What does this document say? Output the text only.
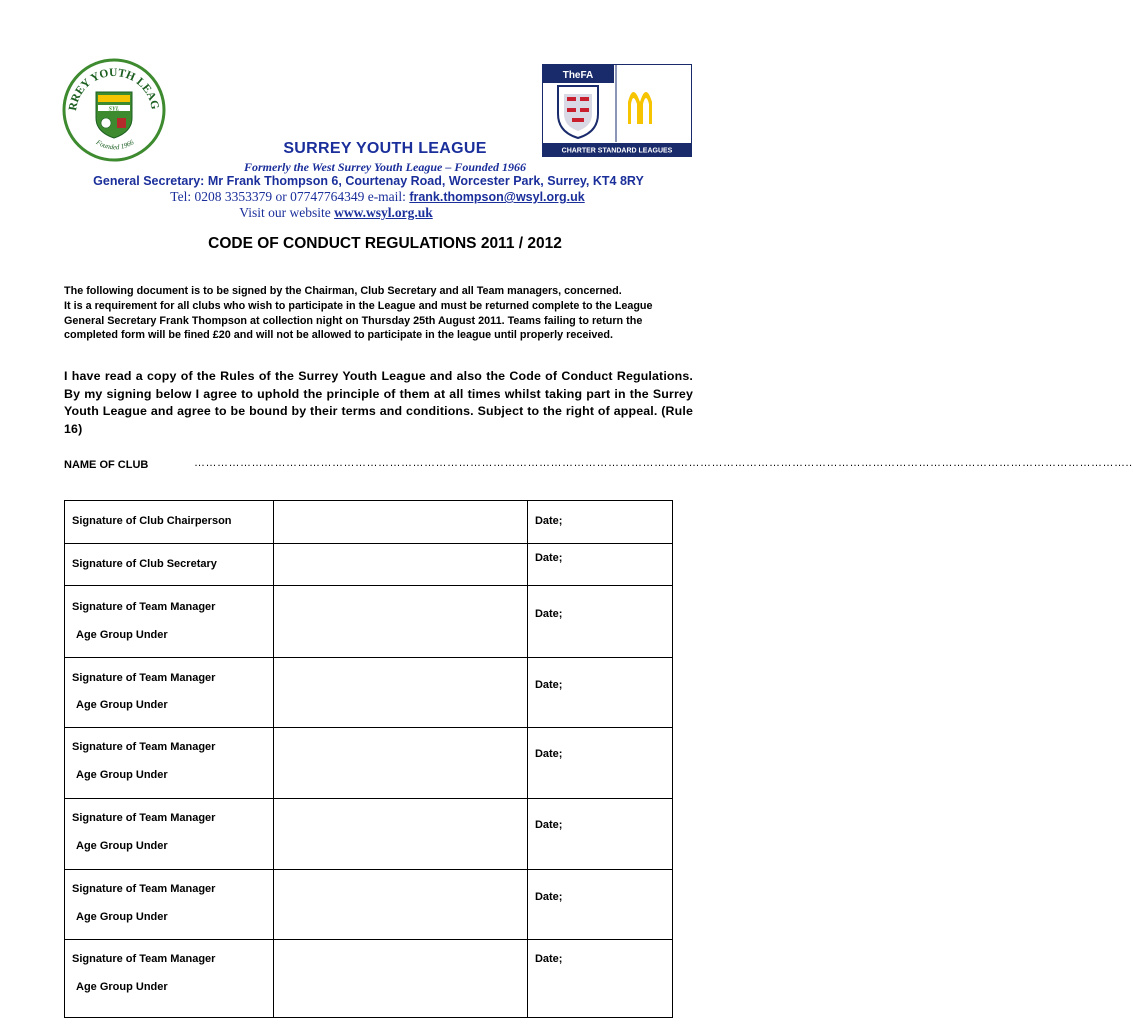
RREY YOUTH LEAG
SYL
Founded 1966
TheFA
CHARTER STANDARD LEAGUES
SURREY YOUTH LEAGUE
Formerly the West Surrey Youth League – Founded 1966
General Secretary: Mr Frank Thompson 6, Courtenay Road, Worcester Park, Surrey, KT4 8RY
Tel: 0208 3353379 or 07747764349 e-mail: frank.thompson@wsyl.org.uk
Visit our website www.wsyl.org.uk
CODE OF CONDUCT REGULATIONS 2011 / 2012

The following document is to be signed by the Chairman, Club Secretary and all Team managers, concerned.

It is a requirement for all clubs who wish to participate in the League and must be returned complete to the League General Secretary Frank Thompson at collection night on Thursday 25th August 2011. Teams failing to return the completed form will be fined £20 and will not be allowed to participate in the league until properly received.

I have read a copy of the Rules of the Surrey Youth League and also the Code of Conduct Regulations. By my signing below I agree to uphold the principle of them at all times whilst taking part in the Surrey Youth League and agree to be bound by their terms and conditions. Subject to the right of appeal. (Rule 16)

NAME OF CLUB	………………………………………………………………………………………………………………………………………………………………………………………………………………………..
Signature of Club Chairperson		Date;

Signature of Club Secretary		Date;

Signature of Team Manager
Age Group Under		Date;

Signature of Team Manager
Age Group Under		Date;

Signature of Team Manager
Age Group Under		Date;

Signature of Team Manager
Age Group Under		Date;

Signature of Team Manager
Age Group Under		Date;

Signature of Team Manager
Age Group Under		Date;
